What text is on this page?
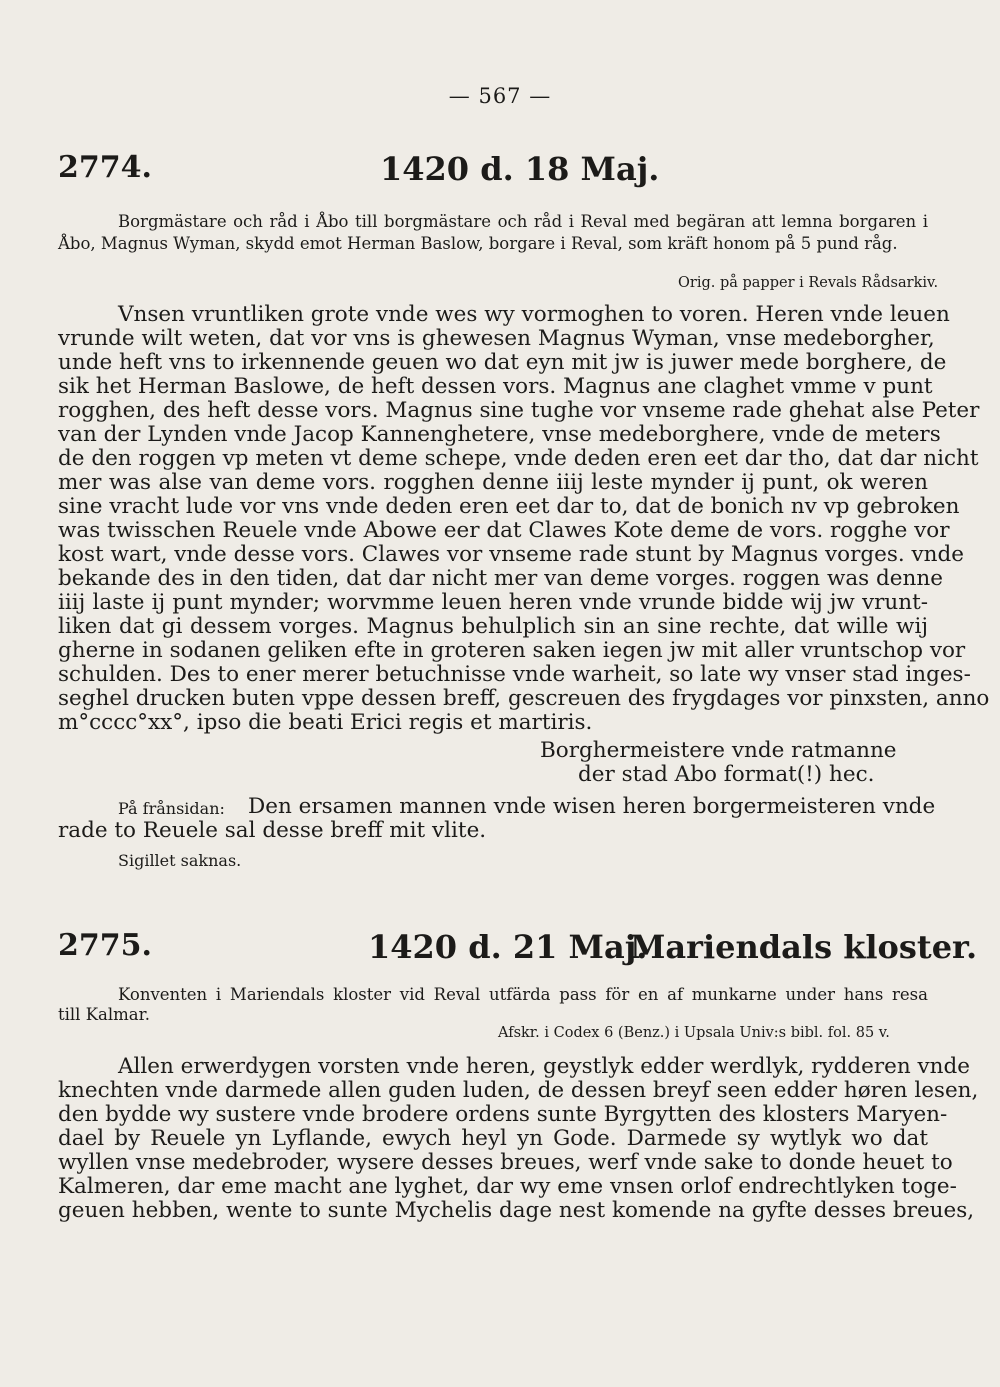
— 567 —
2774.	1420 d. 18 Maj.
Borgmästare och råd i Åbo till borgmästare och råd i Reval med begäran att lemna borgaren i
Åbo, Magnus Wyman, skydd emot Herman Baslow, borgare i Reval, som kräft honom på 5 pund råg.
Orig. på papper i Revals Rådsarkiv.
Vnsen vruntliken grote vnde wes wy vormoghen to voren. Heren vnde leuen
vrunde wilt weten, dat vor vns is ghewesen Magnus Wyman, vnse medeborgher,
unde heft vns to irkennende geuen wo dat eyn mit jw is juwer mede borghere, de
sik het Herman Baslowe, de heft dessen vors. Magnus ane claghet vmme v punt
rogghen, des heft desse vors. Magnus sine tughe vor vnseme rade ghehat alse Peter
van der Lynden vnde Jacop Kannenghetere, vnse medeborghere, vnde de meters
de den roggen vp meten vt deme schepe, vnde deden eren eet dar tho, dat dar nicht
mer was alse van deme vors. rogghen denne iiij leste mynder ij punt, ok weren
sine vracht lude vor vns vnde deden eren eet dar to, dat de bonich nv vp gebroken
was twisschen Reuele vnde Abowe eer dat Clawes Kote deme de vors. rogghe vor
kost wart, vnde desse vors. Clawes vor vnseme rade stunt by Magnus vorges. vnde
bekande des in den tiden, dat dar nicht mer van deme vorges. roggen was denne
iiij laste ij punt mynder; worvmme leuen heren vnde vrunde bidde wij jw vrunt-
liken dat gi dessem vorges. Magnus behulplich sin an sine rechte, dat wille wij
gherne in sodanen geliken efte in groteren saken iegen jw mit aller vruntschop vor
schulden. Des to ener merer betuchnisse vnde warheit, so late wy vnser stad inges-
seghel drucken buten vppe dessen breff, gescreuen des frygdages vor pinxsten, anno
m°cccc°xx°, ipso die beati Erici regis et martiris.
Borghermeistere vnde ratmanne
der stad Abo format(!) hec.
På frånsidan: Den ersamen mannen vnde wisen heren borgermeisteren vnde
rade to Reuele sal desse breff mit vlite.
Sigillet saknas.
2775.	1420 d. 21 Maj.
Mariendals kloster.
Konventen i Mariendals kloster vid Reval utfärda pass för en af munkarne under hans resa
till Kalmar.
Afskr. i Codex 6 (Benz.) i Upsala Univ:s bibl. fol. 85 v.
Allen erwerdygen vorsten vnde heren, geystlyk edder werdlyk, rydderen vnde
knechten vnde darmede allen guden luden, de dessen breyf seen edder høren lesen,
den bydde wy sustere vnde brodere ordens sunte Byrgytten des klosters Maryen-
dael by Reuele yn Lyflande, ewych heyl yn Gode. Darmede sy wytlyk wo dat
wyllen vnse medebroder, wysere desses breues, werf vnde sake to donde heuet to
Kalmeren, dar eme macht ane lyghet, dar wy eme vnsen orlof endrechtlyken toge-
geuen hebben, wente to sunte Mychelis dage nest komende na gyfte desses breues,
